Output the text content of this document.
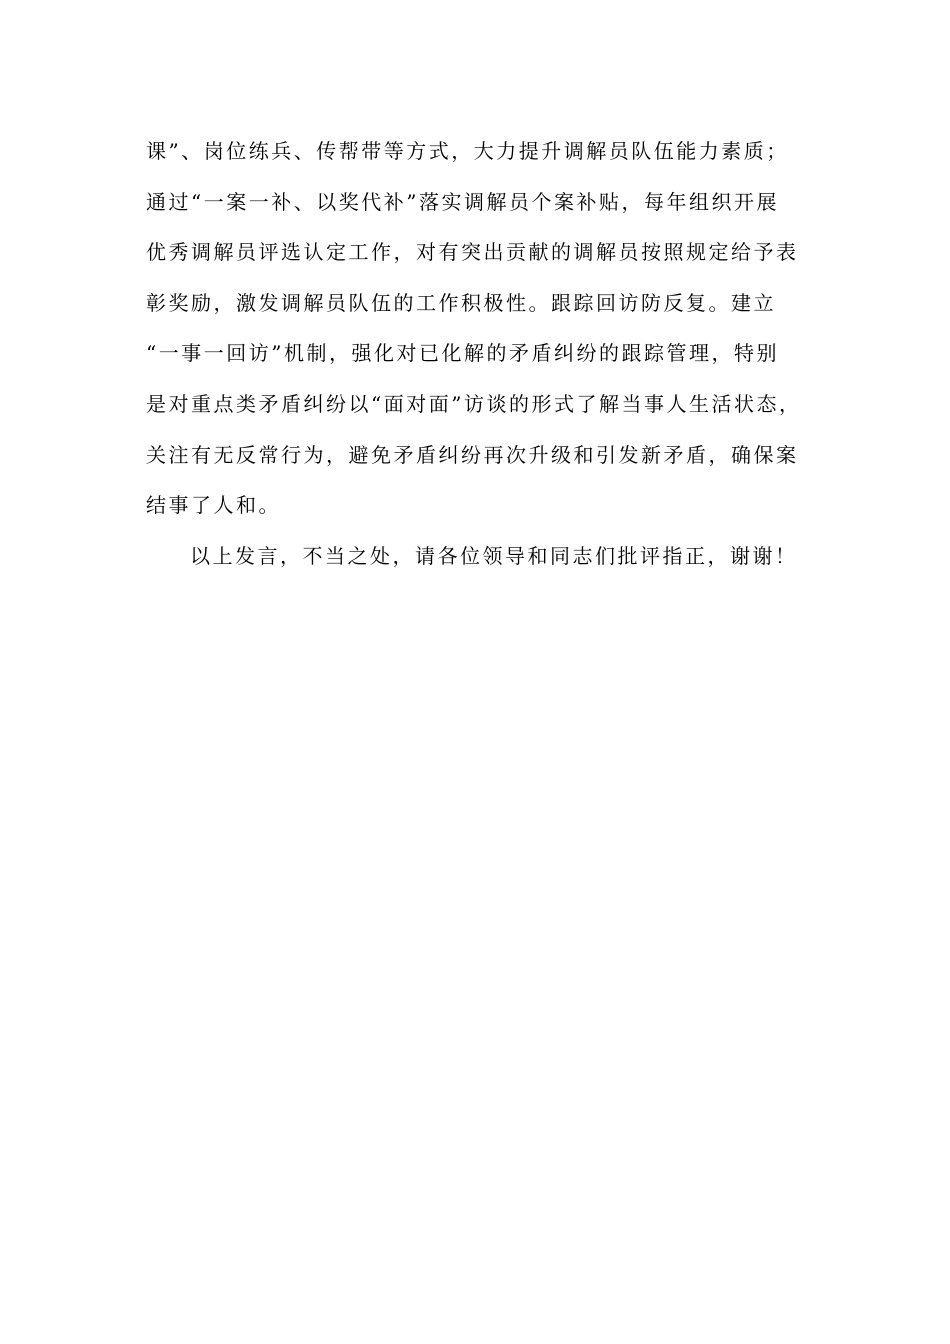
课”、岗位练兵、传帮带等方式，大力提升调解员队伍能力素质；
通过“一案一补、以奖代补”落实调解员个案补贴，每年组织开展
优秀调解员评选认定工作，对有突出贡献的调解员按照规定给予表
彰奖励，激发调解员队伍的工作积极性。跟踪回访防反复。建立
“一事一回访”机制，强化对已化解的矛盾纠纷的跟踪管理，特别
是对重点类矛盾纠纷以“面对面”访谈的形式了解当事人生活状态，
关注有无反常行为，避免矛盾纠纷再次升级和引发新矛盾，确保案
结事了人和。
以上发言，不当之处，请各位领导和同志们批评指正，谢谢！
